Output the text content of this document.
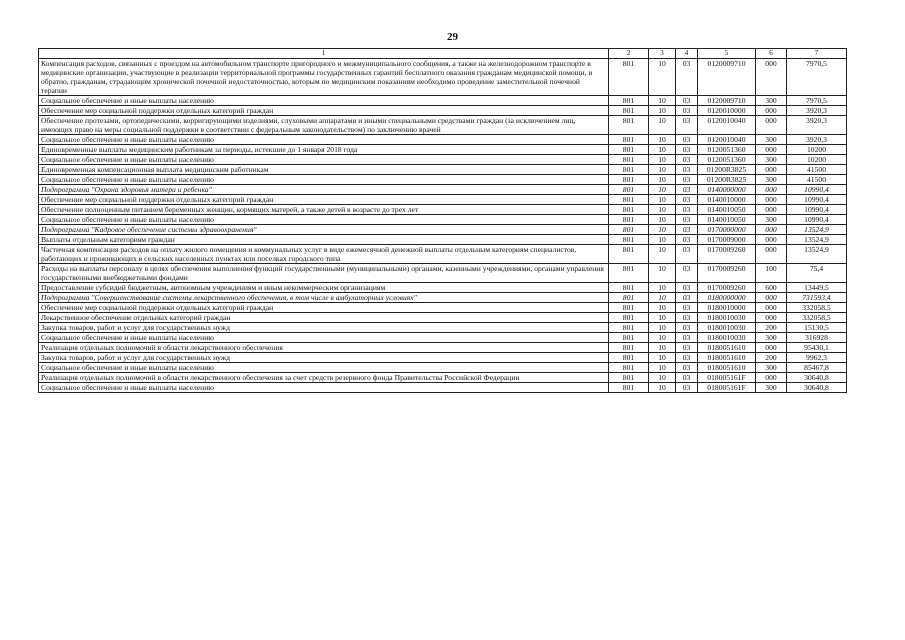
29
1	2	3	4	5	6	7
Компенсация расходов, связанных с проездом на автомобильном транспорте пригородного и межмуниципального сообщения, а также на железнодорожном транспорте в медицинские организации, участвующие в реализации территориальной программы государственных гарантий бесплатного оказания гражданам медицинской помощи, и обратно, гражданам, страдающим хронической почечной недостаточностью, которым по медицинским показаниям необходимо проведение заместительной почечной терапии	801	10	03	0120009710	000	7970,5
Социальное обеспечение и иные выплаты населению	801	10	03	0120009710	300	7970,5
Обеспечение мер социальной поддержки отдельных категорий граждан	801	10	03	0120010000	000	3920,3
Обеспечение протезами, ортопедическими, корригирующими изделиями, слуховыми аппаратами и иными специальными средствами граждан (за исключением лиц, имеющих право на меры социальной поддержки в соответствии с федеральным законодательством) по заключению врачей	801	10	03	0120010040	000	3920,3
Социальное обеспечение и иные выплаты населению	801	10	03	0120010040	300	3920,3
Единовременные выплаты медицинским работникам за периоды, истекшие до 1 января 2018 года	801	10	03	0120051360	000	10200
Социальное обеспечение и иные выплаты населению	801	10	03	0120051360	300	10200
Единовременная компенсационная выплата медицинским работникам	801	10	03	01200R3825	000	41500
Социальное обеспечение и иные выплаты населению	801	10	03	01200R3825	300	41500
Подпрограмма "Охрана здоровья матери и ребенка"	801	10	03	0140000000	000	10990,4
Обеспечение мер социальной поддержки отдельных категорий граждан	801	10	03	0140010000	000	10990,4
Обеспечение полноценным питанием беременных женщин, кормящих матерей, а также детей в возрасте до трех лет	801	10	03	0140010050	000	10990,4
Социальное обеспечение и иные выплаты населению	801	10	03	0140010050	300	10990,4
Подпрограмма "Кадровое обеспечение системы здравоохранения"	801	10	03	0170000000	000	13524,9
Выплаты отдельным категориям граждан	801	10	03	0170009000	000	13524,9
Частичная компенсация расходов на оплату жилого помещения и коммунальных услуг в виде ежемесячной денежной выплаты отдельным категориям специалистов, работающих и проживающих в сельских населенных пунктах или поселках городского типа	801	10	03	0170009260	000	13524,9
Расходы на выплаты персоналу в целях обеспечения выполнения функций государственными (муниципальными) органами, казенными учреждениями, органами управления государственными внебюджетными фондами	801	10	03	0170009260	100	75,4
Предоставление субсидий бюджетным, автономным учреждениям и иным некоммерческим организациям	801	10	03	0170009260	600	13449,5
Подпрограмма "Совершенствование системы лекарственного обеспечения, в том числе в амбулаторных условиях"	801	10	03	0180000000	000	731593,4
Обеспечение мер социальной поддержки отдельных категорий граждан	801	10	03	0180010000	000	332058,5
Лекарственное обеспечение отдельных категорий граждан	801	10	03	0180010030	000	332058,5
Закупка товаров, работ и услуг для государственных нужд	801	10	03	0180010030	200	15130,5
Социальное обеспечение и иные выплаты населению	801	10	03	0180010030	300	316928
Реализация отдельных полномочий в области лекарственного обеспечения	801	10	03	0180051610	000	95430,1
Закупка товаров, работ и услуг для государственных нужд	801	10	03	0180051610	200	9962,3
Социальное обеспечение и иные выплаты населению	801	10	03	0180051610	300	85467,8
Реализация отдельных полномочий в области лекарственного обеспечения за счет средств резервного фонда Правительства Российской Федерации	801	10	03	018005161F	000	30640,8
Социальное обеспечение и иные выплаты населению	801	10	03	018005161F	300	30640,8
